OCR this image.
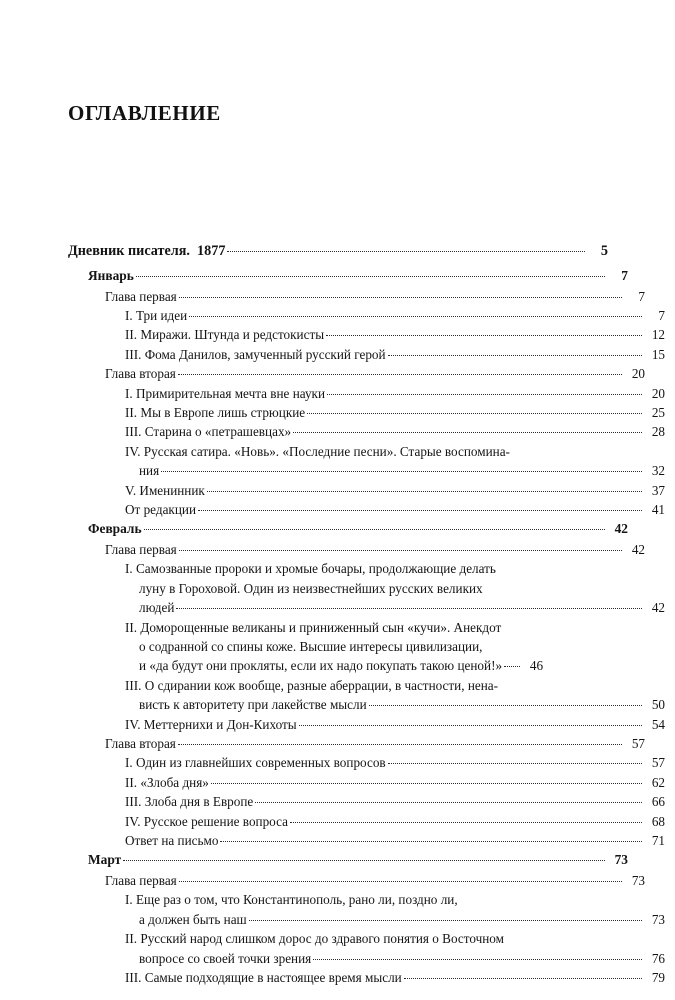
оглавление
Дневник писателя.  1877	5
Январь	7
Глава первая	7
I. Три идеи	7
II. Миражи. Штунда и редстокисты	12
III. Фома Данилов, замученный русский герой	15
Глава вторая	20
I. Примирительная мечта вне науки	20
II. Мы в Европе лишь стрюцкие	25
III. Старина о «петрашевцах»	28
IV. Русская сатира. «Новь». «Последние песни». Старые воспомина-
ния	32
V. Именинник	37
От редакции	41
Февраль	42
Глава первая	42
I. Самозванные пророки и хромые бочары, продолжающие делать
луну в Гороховой. Один из неизвестнейших русских великих
людей	42
II. Доморощенные великаны и приниженный сын «кучи». Анекдот
о содранной со спины коже. Высшие интересы цивилизации,
и «да будут они прокляты, если их надо покупать такою ценой!»	46
III. О сдирании кож вообще, разные аберрации, в частности, нена-
висть к авторитету при лакействе мысли	50
IV. Меттернихи и Дон-Кихоты	54
Глава вторая	57
I. Один из главнейших современных вопросов	57
II. «Злоба дня»	62
III. Злоба дня в Европе	66
IV. Русское решение вопроса	68
Ответ на письмо	71
Март	73
Глава первая	73
I. Еще раз о том, что Константинополь, рано ли, поздно ли,
а должен быть наш	73
II. Русский народ слишком дорос до здравого понятия о Восточном
вопросе со своей точки зрения	76
III. Самые подходящие в настоящее время мысли	79
